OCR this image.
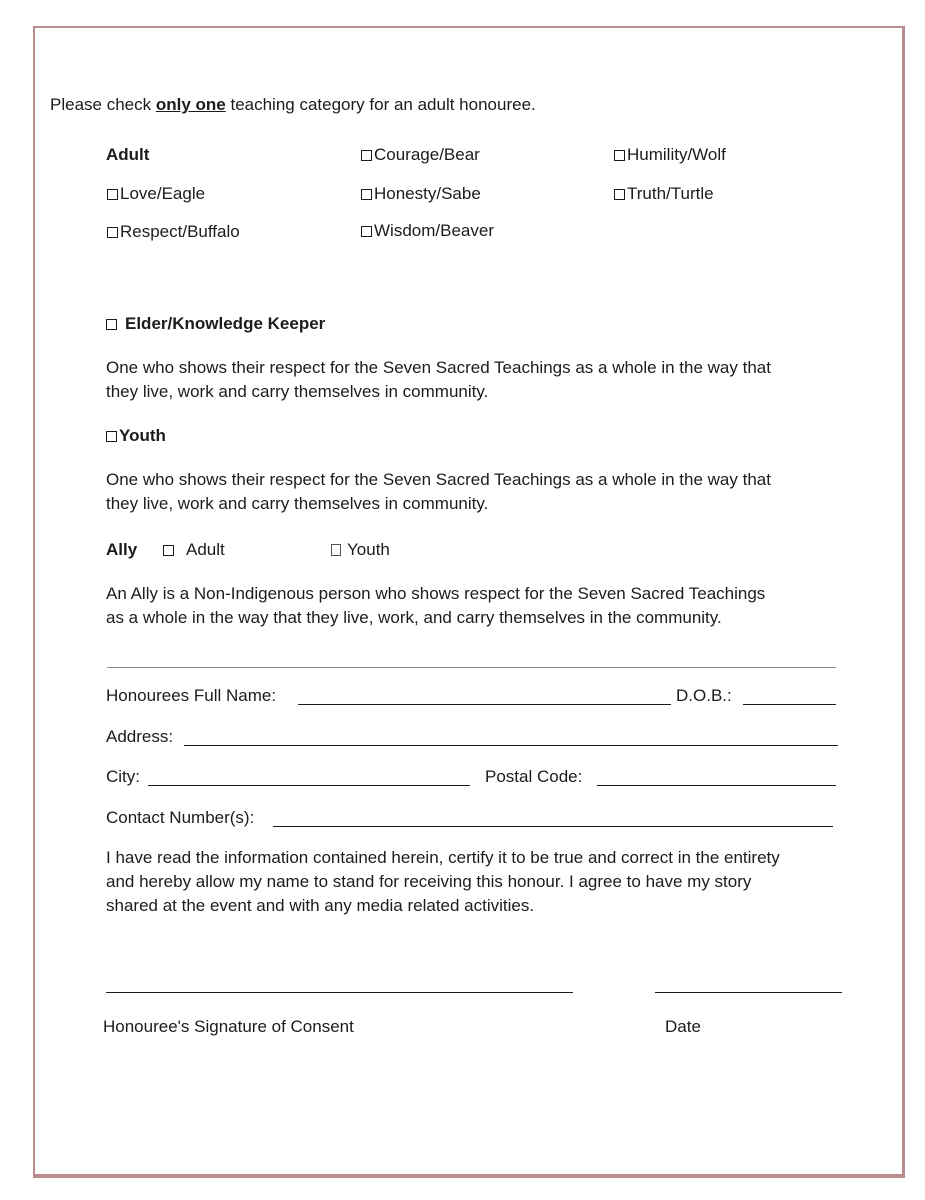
Please check only one teaching category for an adult honouree.
Adult	Courage/Bear	Humility/Wolf
Love/Eagle	Honesty/Sabe	Truth/Turtle
Respect/Buffalo	Wisdom/Beaver
Elder/Knowledge Keeper
One who shows their respect for the Seven Sacred Teachings as a whole in the way that
they live, work and carry themselves in community.
Youth
One who shows their respect for the Seven Sacred Teachings as a whole in the way that
they live, work and carry themselves in community.
Ally	Adult	Youth
An Ally is a Non-Indigenous person who shows respect for the Seven Sacred Teachings
as a whole in the way that they live, work, and carry themselves in the community.
Honourees Full Name:	D.O.B.:
Address:
City:	Postal Code:
Contact Number(s):
I have read the information contained herein, certify it to be true and correct in the entirety
and hereby allow my name to stand for receiving this honour. I agree to have my story
shared at the event and with any media related activities.
Honouree's Signature of Consent	Date
